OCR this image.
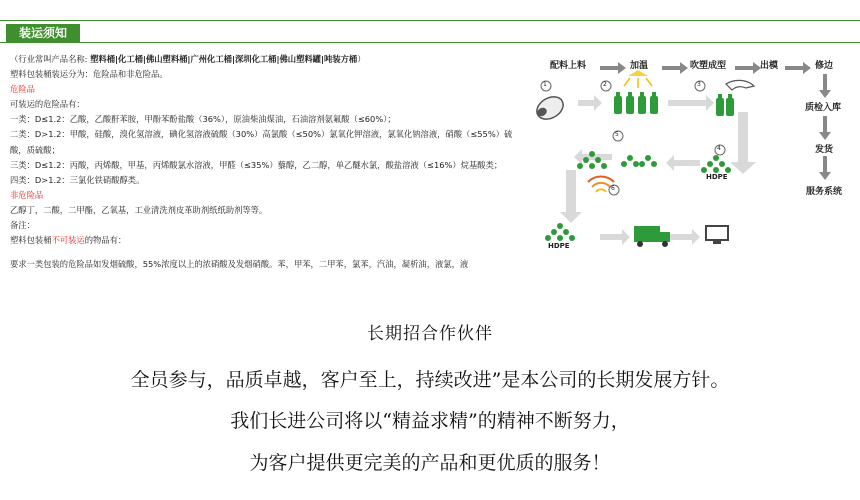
装运须知
（行业常叫产品名称: 塑料桶|化工桶|佛山塑料桶|广州化工桶|深圳化工桶|佛山塑料罐|吨装方桶）
塑料包装桶装运分为：危险品和非危险品。
危险品
可装运的危险品有：
一类：D≤1.2：乙酸，乙酸酐苯胺，甲酚苯酚盐酸（36%），原油柴油煤油，石油溶剂氨氟酸（≤60%）；
二类：D>1.2：甲酸，硅酸，溴化氢溶液，碘化氢溶液硫酸（30%）高氯酸（≤50%）氯氧化钾溶液，氯氧化钠溶液，硝酸（≤55%）硫
酸，质硫酸；
三类：D≤1.2：丙酸，丙烯酸，甲基，丙烯酸氯水溶液，甲醛（≤35%）藜醇，乙二醇，单乙醚水氯，酸盐溶液（≤16%）烷基酸类；
四类：D>1.2：三氯化铁硝酸醇类。
非危险品
乙醇丁，二酸，二甲酯，乙氧基，工业清洗剂皮革助剂纸纸助剂等等。
备注：
塑料包装桶不可装运的物品有：
要求一类包装的危险品如发烟硫酸，55%浓度以上的浓硝酸及发烟硝酸。苯，甲苯，二甲苯，氯苯，汽油，凝析油，液氯，液
配料上料	加温	吹塑成型	出模	修边
质检入库
发货
服务系统
HDPE
HDPE
1	2	3
4
5
6
长期招合作伙伴
全员参与，品质卓越，客户至上，持续改进”是本公司的长期发展方针。
我们长进公司将以“精益求精”的精神不断努力，
为客户提供更完美的产品和更优质的服务！
